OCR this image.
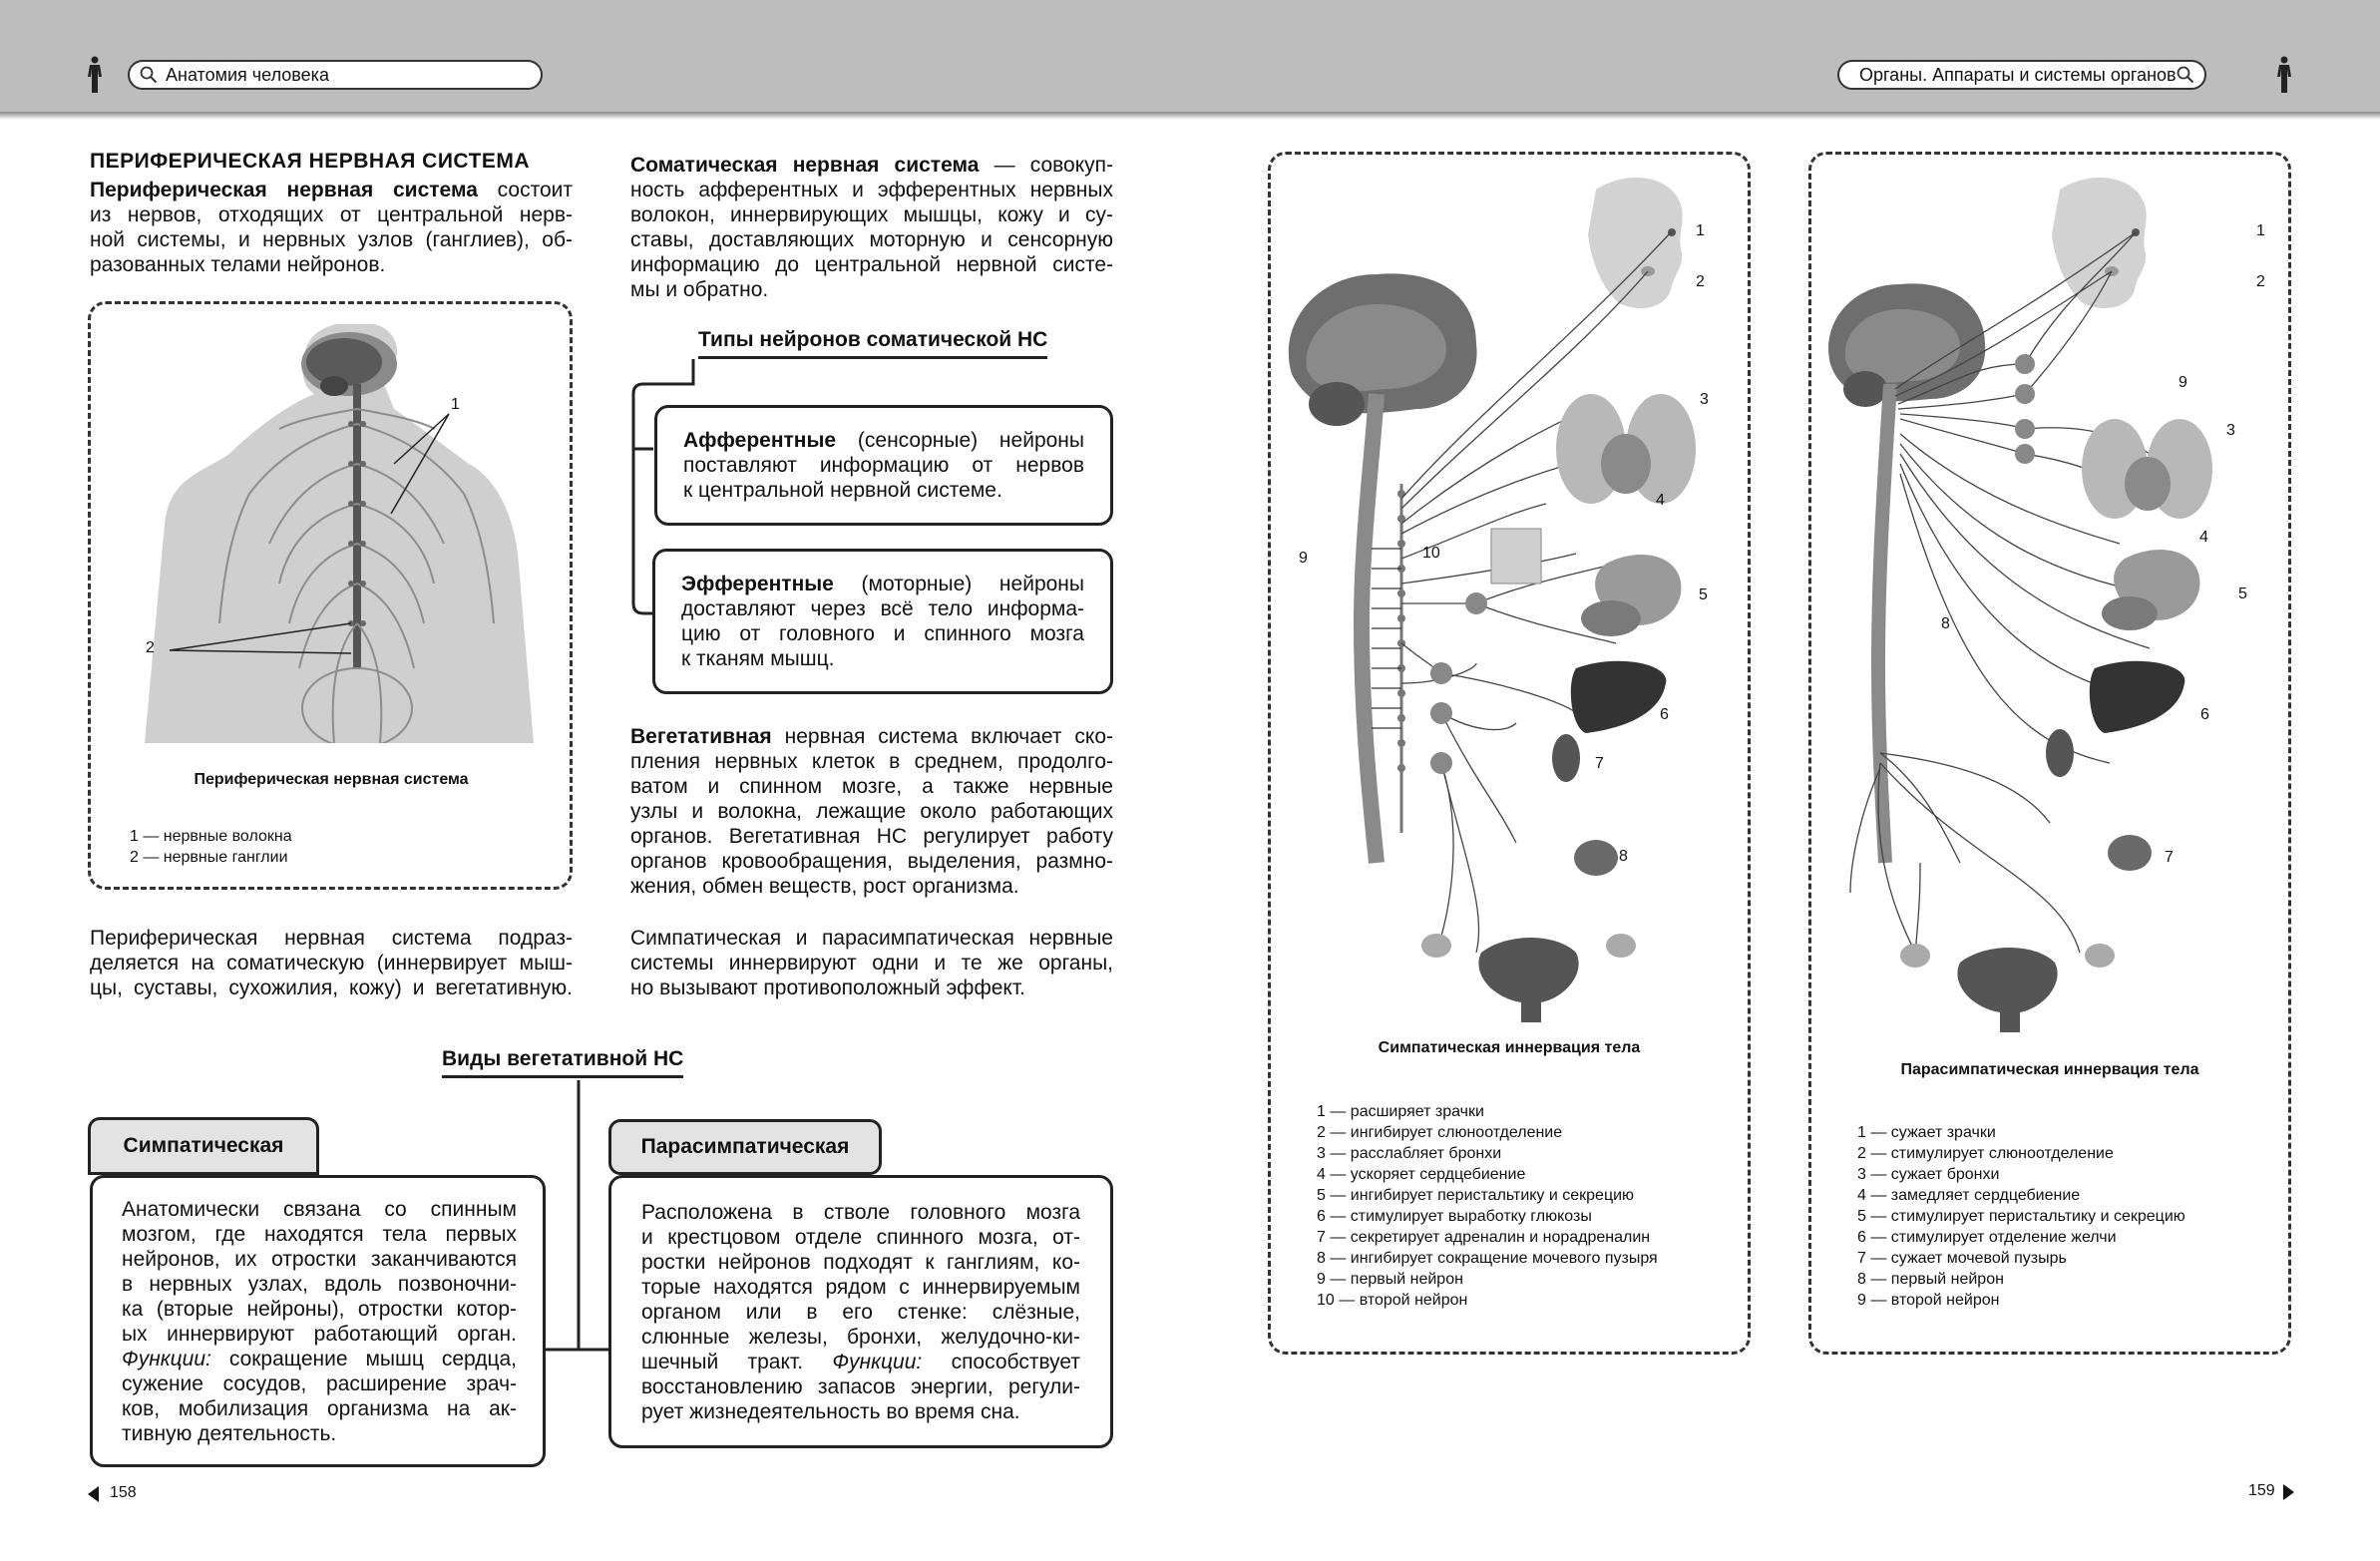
Анатомия человека	Органы. Аппараты и системы органов
ПЕРИФЕРИЧЕСКАЯ НЕРВНАЯ СИСТЕМА
Периферическая нервная система состоит
из нервов, отходящих от центральной нерв-
ной системы, и нервных узлов (ганглиев), об-
разованных телами нейронов.
1
2
Периферическая нервная система
1 — нервные волокна
2 — нервные ганглии
Периферическая нервная система подраз-
деляется на соматическую (иннервирует мыш-
цы, суставы, сухожилия, кожу) и вегетативную.
Соматическая нервная система — совокуп-
ность афферентных и эфферентных нервных
волокон, иннервирующих мышцы, кожу и су-
ставы, доставляющих моторную и сенсорную
информацию до центральной нервной систе-
мы и обратно.
Типы нейронов соматической НС
Афферентные (сенсорные) нейроны
поставляют информацию от нервов
к центральной нервной системе.
Эфферентные (моторные) нейроны
доставляют через всё тело информа-
цию от головного и спинного мозга
к тканям мышц.
Вегетативная нервная система включает ско-
пления нервных клеток в среднем, продолго-
ватом и спинном мозге, а также нервные
узлы и волокна, лежащие около работающих
органов. Вегетативная НС регулирует работу
органов кровообращения, выделения, размно-
жения, обмен веществ, рост организма.
Симпатическая и парасимпатическая нервные
системы иннервируют одни и те же органы,
но вызывают противоположный эффект.
Виды вегетативной НС
Симпатическая
Анатомически связана со спинным
мозгом, где находятся тела первых
нейронов, их отростки заканчиваются
в нервных узлах, вдоль позвоночни-
ка (вторые нейроны), отростки котор-
ых иннервируют работающий орган.
Функции: сокращение мышц сердца,
сужение сосудов, расширение зрач-
ков, мобилизация организма на ак-
тивную деятельность.
Парасимпатическая
Расположена в стволе головного мозга
и крестцовом отделе спинного мозга, от-
ростки нейронов подходят к ганглиям, ко-
торые находятся рядом с иннервируемым
органом или в его стенке: слёзные,
слюнные железы, бронхи, желудочно-ки-
шечный тракт. Функции: способствует
восстановлению запасов энергии, регули-
рует жизнедеятельность во время сна.
158
1
2
3
4
5
6
7
8
9	10
Симпатическая иннервация тела
1 — расширяет зрачки
2 — ингибирует слюноотделение
3 — расслабляет бронхи
4 — ускоряет сердцебиение
5 — ингибирует перистальтику и секрецию
6 — стимулирует выработку глюкозы
7 — секретирует адреналин и норадреналин
8 — ингибирует сокращение мочевого пузыря
9 — первый нейрон
10 — второй нейрон
1
2
3
4
5
6
7
8
9
Парасимпатическая иннервация тела
1 — сужает зрачки
2 — стимулирует слюноотделение
3 — сужает бронхи
4 — замедляет сердцебиение
5 — стимулирует перистальтику и секрецию
6 — стимулирует отделение желчи
7 — сужает мочевой пузырь
8 — первый нейрон
9 — второй нейрон
159
